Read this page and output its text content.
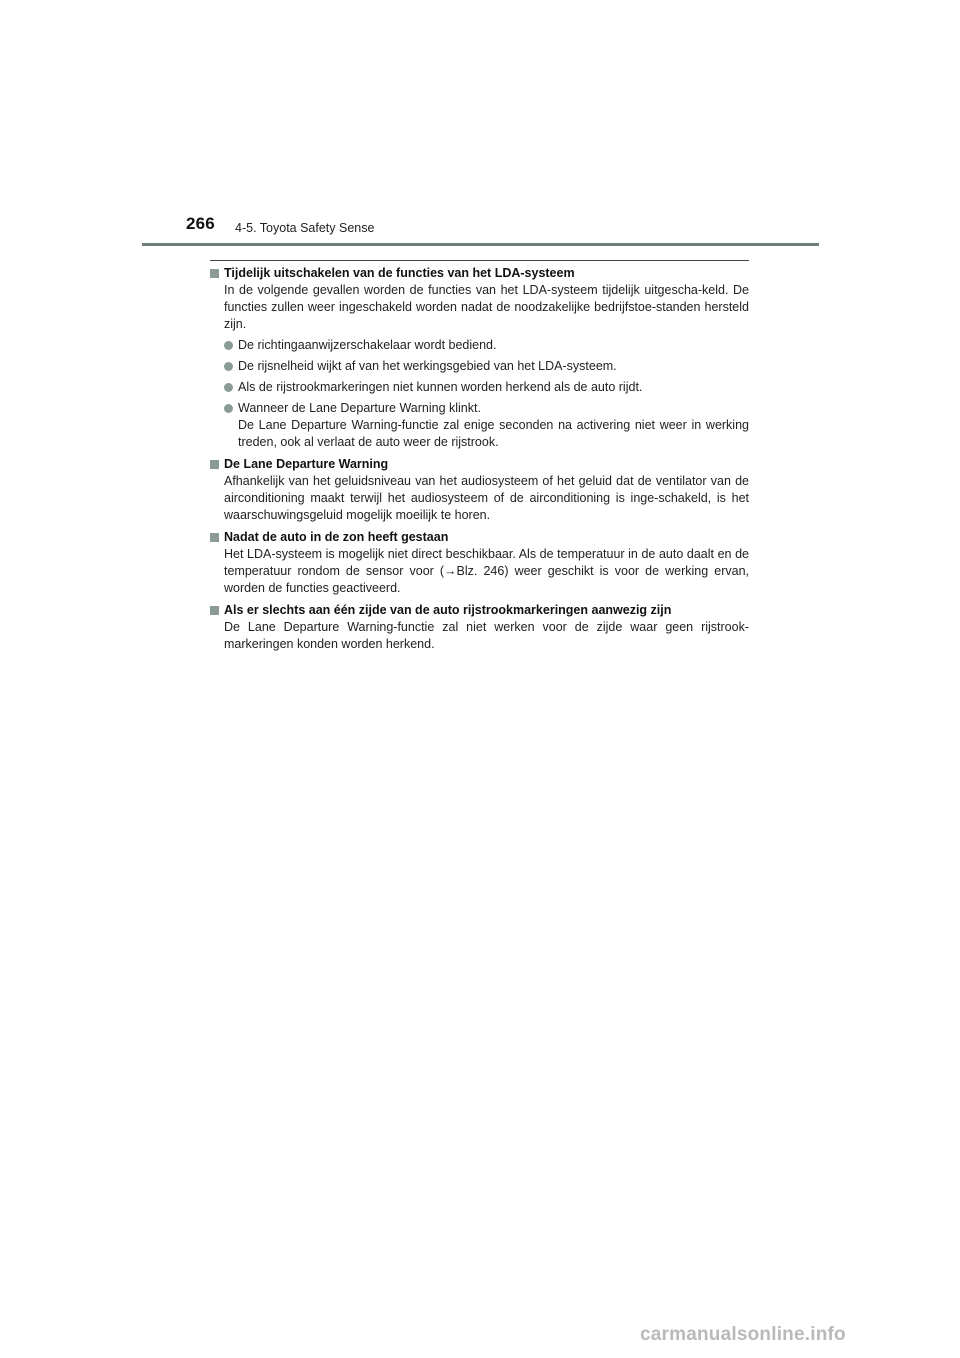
266 4-5. Toyota Safety Sense
Tijdelijk uitschakelen van de functies van het LDA-systeem
In de volgende gevallen worden de functies van het LDA-systeem tijdelijk uitgescha-keld. De functies zullen weer ingeschakeld worden nadat de noodzakelijke bedrijfstoe-standen hersteld zijn.
De richtingaanwijzerschakelaar wordt bediend.
De rijsnelheid wijkt af van het werkingsgebied van het LDA-systeem.
Als de rijstrookmarkeringen niet kunnen worden herkend als de auto rijdt.
Wanneer de Lane Departure Warning klinkt.
De Lane Departure Warning-functie zal enige seconden na activering niet weer in werking treden, ook al verlaat de auto weer de rijstrook.
De Lane Departure Warning
Afhankelijk van het geluidsniveau van het audiosysteem of het geluid dat de ventilator van de airconditioning maakt terwijl het audiosysteem of de airconditioning is inge-schakeld, is het waarschuwingsgeluid mogelijk moeilijk te horen.
Nadat de auto in de zon heeft gestaan
Het LDA-systeem is mogelijk niet direct beschikbaar. Als de temperatuur in de auto daalt en de temperatuur rondom de sensor voor (→Blz. 246) weer geschikt is voor de werking ervan, worden de functies geactiveerd.
Als er slechts aan één zijde van de auto rijstrookmarkeringen aanwezig zijn
De Lane Departure Warning-functie zal niet werken voor de zijde waar geen rijstrook-markeringen konden worden herkend.
carmanualsonline.info
